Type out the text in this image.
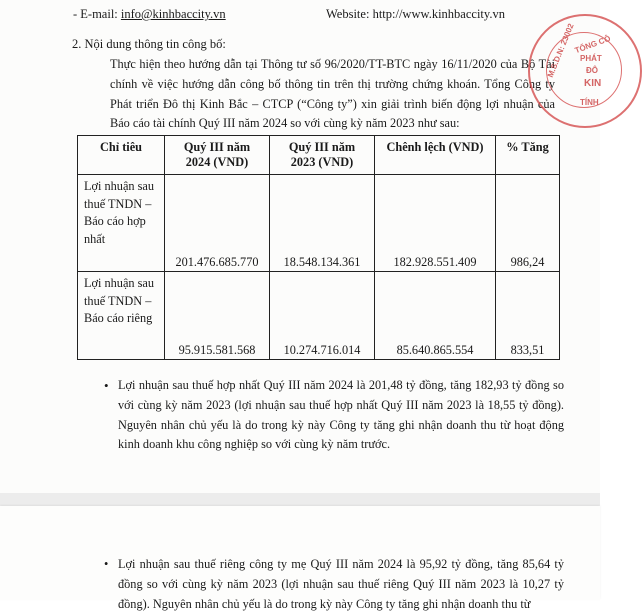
- E-mail: info@kinhbaccity.vn	Website: http://www.kinhbaccity.vn
2. Nội dung thông tin công bố:
Thực hiện theo hướng dẫn tại Thông tư số 96/2020/TT-BTC ngày 16/11/2020 của Bộ Tài chính về việc hướng dẫn công bố thông tin trên thị trường chứng khoán. Tổng Công ty Phát triển Đô thị Kinh Bắc – CTCP (“Công ty”) xin giải trình biến động lợi nhuận của Báo cáo tài chính Quý III năm 2024 so với cùng kỳ năm 2023 như sau:
Chỉ tiêu	Quý III năm 2024 (VND)	Quý III năm 2023 (VND)	Chênh lệch (VND)	% Tăng
Lợi nhuận sau thuế TNDN – Báo cáo hợp nhất	201.476.685.770	18.548.134.361	182.928.551.409	986,24
Lợi nhuận sau thuế TNDN – Báo cáo riêng	95.915.581.568	10.274.716.014	85.640.865.554	833,51
• Lợi nhuận sau thuế hợp nhất Quý III năm 2024 là 201,48 tỷ đồng, tăng 182,93 tỷ đồng so với cùng kỳ năm 2023 (lợi nhuận sau thuế hợp nhất Quý III năm 2023 là 18,55 tỷ đồng). Nguyên nhân chủ yếu là do trong kỳ này Công ty tăng ghi nhận doanh thu từ hoạt động kinh doanh khu công nghiệp so với cùng kỳ năm trước.
M.S.D.N: 23002
TỔNG CÔ
PHÁT
ĐÔ
KIN
TÍNH
• Lợi nhuận sau thuế riêng công ty mẹ Quý III năm 2024 là 95,92 tỷ đồng, tăng 85,64 tỷ đồng so với cùng kỳ năm 2023 (lợi nhuận sau thuế riêng Quý III năm 2023 là 10,27 tỷ đồng). Nguyên nhân chủ yếu là do trong kỳ này Công ty tăng ghi nhận doanh thu từ
